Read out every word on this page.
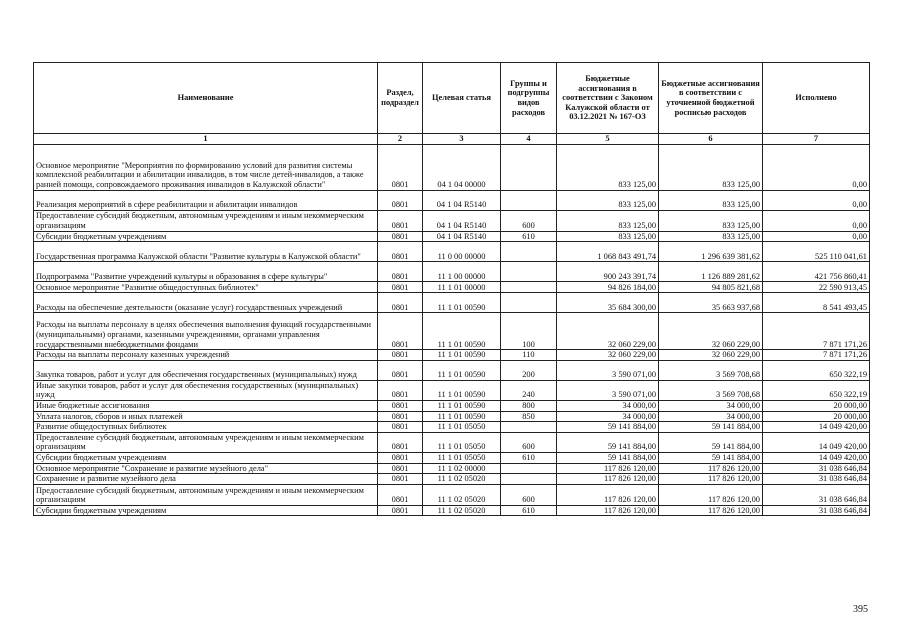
Наименование	Раздел, подраздел	Целевая статья	Группы и подгруппы видов расходов	Бюджетные ассигнования в соответствии с Законом Калужской области от 03.12.2021 № 167-ОЗ	Бюджетные ассигнования в соответствии с уточненной бюджетной росписью расходов	Исполнено
1	2	3	4	5	6	7
Основное мероприятие "Мероприятия по формированию условий для развития системы комплексной реабилитации и абилитации инвалидов, в том числе детей-инвалидов, а также ранней помощи, сопровождаемого проживания инвалидов в Калужской области"	0801	04 1 04 00000		833 125,00	833 125,00	0,00
Реализация мероприятий в сфере реабилитации и абилитации инвалидов	0801	04 1 04 R5140		833 125,00	833 125,00	0,00
Предоставление субсидий бюджетным, автономным учреждениям и иным некоммерческим организациям	0801	04 1 04 R5140	600	833 125,00	833 125,00	0,00
Субсидии бюджетным учреждениям	0801	04 1 04 R5140	610	833 125,00	833 125,00	0,00
Государственная программа Калужской области "Развитие культуры в Калужской области"	0801	11 0 00 00000		1 068 843 491,74	1 296 639 381,62	525 110 041,61
Подпрограмма "Развитие учреждений культуры и образования в сфере культуры"	0801	11 1 00 00000		900 243 391,74	1 126 889 281,62	421 756 860,41
Основное мероприятие "Развитие общедоступных библиотек"	0801	11 1 01 00000		94 826 184,00	94 805 821,68	22 590 913,45
Расходы на обеспечение деятельности (оказание услуг) государственных учреждений	0801	11 1 01 00590		35 684 300,00	35 663 937,68	8 541 493,45
Расходы на выплаты персоналу в целях обеспечения выполнения функций государственными (муниципальными) органами, казенными учреждениями, органами управления государственными внебюджетными фондами	0801	11 1 01 00590	100	32 060 229,00	32 060 229,00	7 871 171,26
Расходы на выплаты персоналу казенных учреждений	0801	11 1 01 00590	110	32 060 229,00	32 060 229,00	7 871 171,26
Закупка товаров, работ и услуг для обеспечения государственных (муниципальных) нужд	0801	11 1 01 00590	200	3 590 071,00	3 569 708,68	650 322,19
Иные закупки товаров, работ и услуг для обеспечения государственных (муниципальных) нужд	0801	11 1 01 00590	240	3 590 071,00	3 569 708,68	650 322,19
Иные бюджетные ассигнования	0801	11 1 01 00590	800	34 000,00	34 000,00	20 000,00
Уплата налогов, сборов и иных платежей	0801	11 1 01 00590	850	34 000,00	34 000,00	20 000,00
Развитие общедоступных библиотек	0801	11 1 01 05050		59 141 884,00	59 141 884,00	14 049 420,00
Предоставление субсидий бюджетным, автономным учреждениям и иным некоммерческим организациям	0801	11 1 01 05050	600	59 141 884,00	59 141 884,00	14 049 420,00
Субсидии бюджетным учреждениям	0801	11 1 01 05050	610	59 141 884,00	59 141 884,00	14 049 420,00
Основное мероприятие "Сохранение и развитие музейного дела"	0801	11 1 02 00000		117 826 120,00	117 826 120,00	31 038 646,84
Сохранение и развитие музейного дела	0801	11 1 02 05020		117 826 120,00	117 826 120,00	31 038 646,84
Предоставление субсидий бюджетным, автономным учреждениям и иным некоммерческим организациям	0801	11 1 02 05020	600	117 826 120,00	117 826 120,00	31 038 646,84
Субсидии бюджетным учреждениям	0801	11 1 02 05020	610	117 826 120,00	117 826 120,00	31 038 646,84
395
